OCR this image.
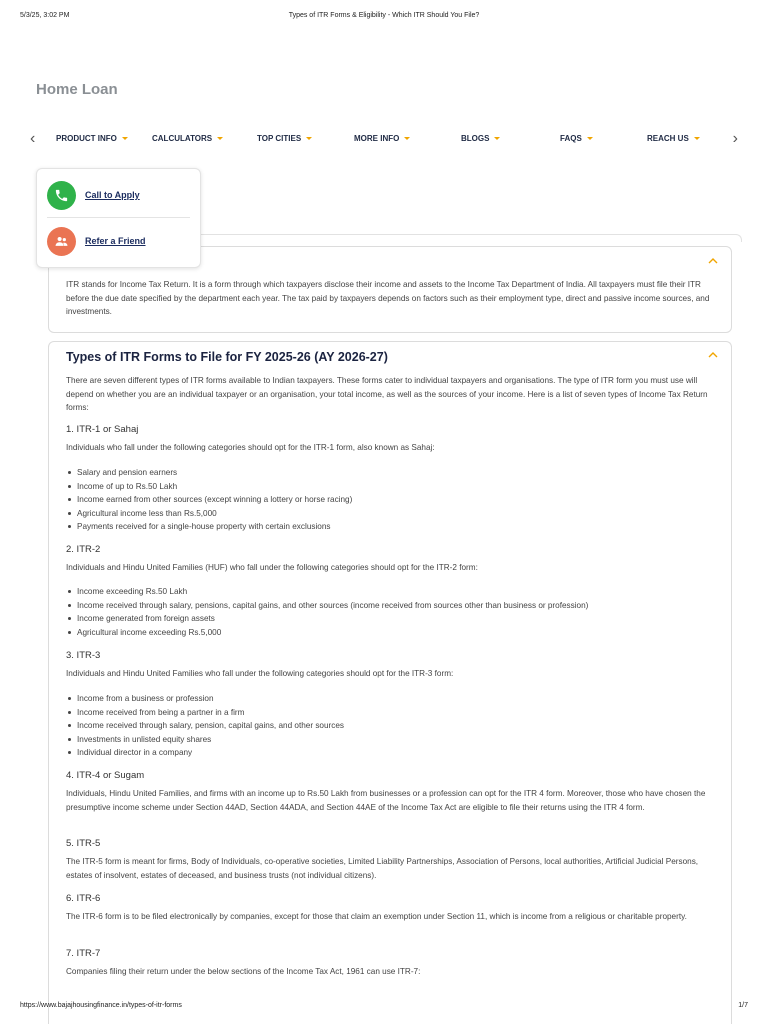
5/3/25, 3:02 PM	Types of ITR Forms & Eligibility - Which ITR Should You File?
Home Loan
‹	PRODUCT INFO	CALCULATORS	TOP CITIES	MORE INFO	BLOGS	FAQS	REACH US	›
Call to Apply
Refer a Friend

ITR stands for Income Tax Return. It is a form through which taxpayers disclose their income and assets to the Income Tax Department of India. All taxpayers must file their ITR before the due date specified by the department each year. The tax paid by taxpayers depends on factors such as their employment type, direct and passive income sources, and investments.

Types of ITR Forms to File for FY 2025-26 (AY 2026-27)

There are seven different types of ITR forms available to Indian taxpayers. These forms cater to individual taxpayers and organisations. The type of ITR form you must use will depend on whether you are an individual taxpayer or an organisation, your total income, as well as the sources of your income. Here is a list of seven types of Income Tax Return forms:

1. ITR-1 or Sahaj

Individuals who fall under the following categories should opt for the ITR-1 form, also known as Sahaj:

Salary and pension earners
Income of up to Rs.50 Lakh
Income earned from other sources (except winning a lottery or horse racing)
Agricultural income less than Rs.5,000
Payments received for a single-house property with certain exclusions
2. ITR-2

Individuals and Hindu United Families (HUF) who fall under the following categories should opt for the ITR-2 form:

Income exceeding Rs.50 Lakh
Income received through salary, pensions, capital gains, and other sources (income received from sources other than business or profession)
Income generated from foreign assets
Agricultural income exceeding Rs.5,000
3. ITR-3

Individuals and Hindu United Families who fall under the following categories should opt for the ITR-3 form:

Income from a business or profession
Income received from being a partner in a firm
Income received through salary, pension, capital gains, and other sources
Investments in unlisted equity shares
Individual director in a company
4. ITR-4 or Sugam

Individuals, Hindu United Families, and firms with an income up to Rs.50 Lakh from businesses or a profession can opt for the ITR 4 form. Moreover, those who have chosen the presumptive income scheme under Section 44AD, Section 44ADA, and Section 44AE of the Income Tax Act are eligible to file their returns using the ITR 4 form.

5. ITR-5

The ITR-5 form is meant for firms, Body of Individuals, co-operative societies, Limited Liability Partnerships, Association of Persons, local authorities, Artificial Judicial Persons, estates of insolvent, estates of deceased, and business trusts (not individual citizens).

6. ITR-6

The ITR-6 form is to be filed electronically by companies, except for those that claim an exemption under Section 11, which is income from a religious or charitable property.

7. ITR-7

Companies filing their return under the below sections of the Income Tax Act, 1961 can use ITR-7:

https://www.bajajhousingfinance.in/types-of-itr-forms	1/7
